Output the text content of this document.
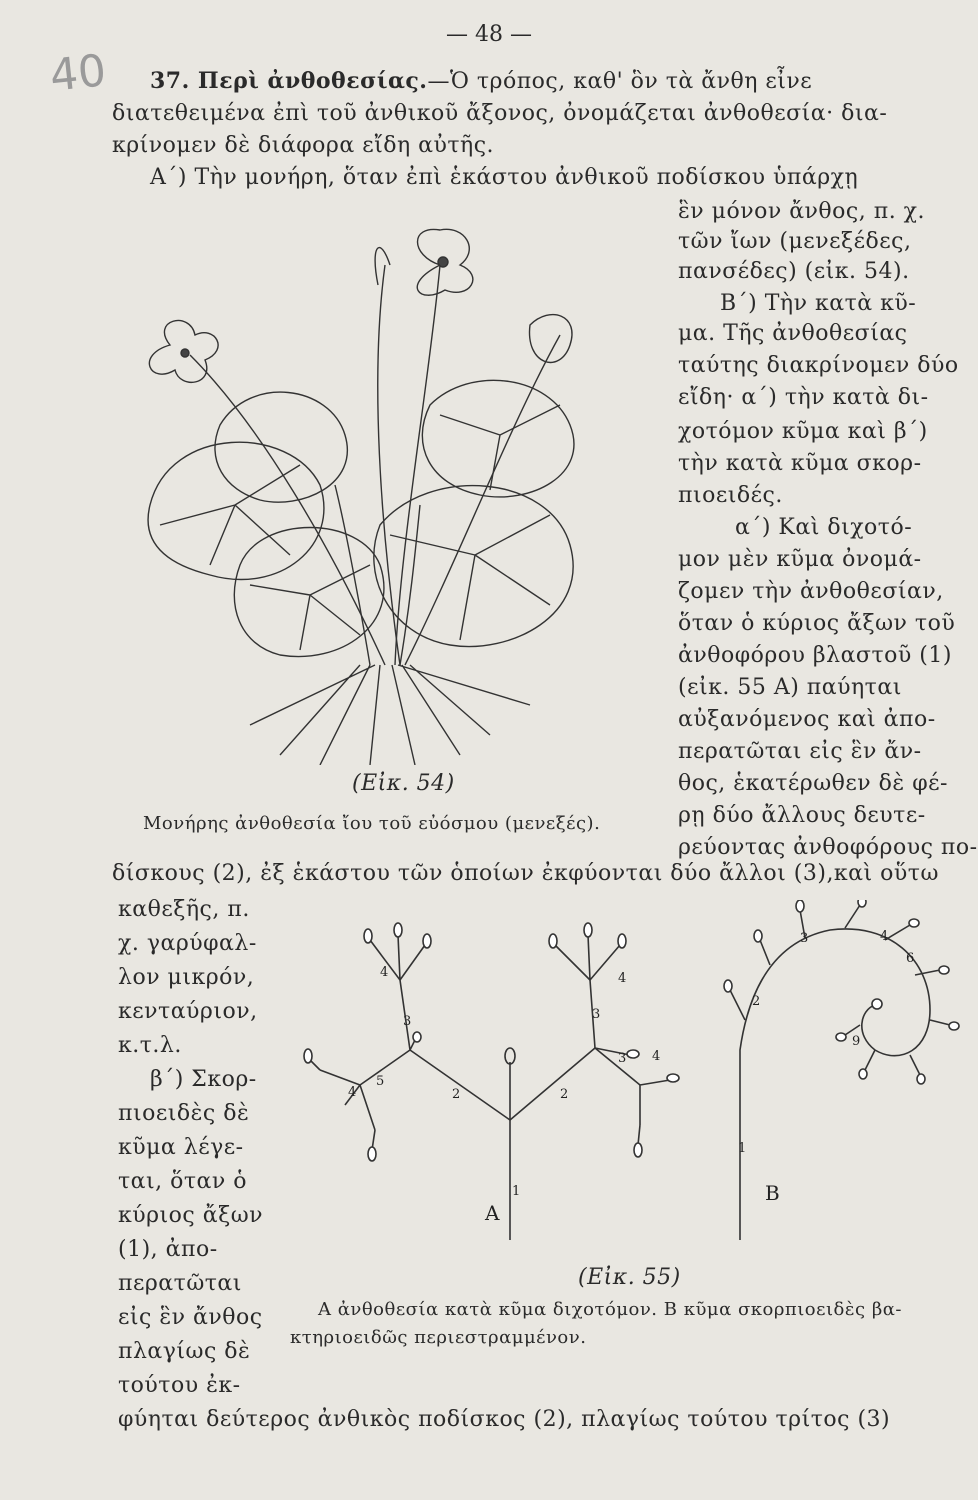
— 48 —
40 37. Περὶ ἀνθοθεσίας.—Ὁ τρόπος, καθ' ὃν τὰ ἄνθη εἶνε
διατεθειμένα ἐπὶ τοῦ ἀνθικοῦ ἄξονος, ὀνομάζεται ἀνθοθεσία· δια-
κρίνομεν δὲ διάφορα εἴδη αὐτῆς.
Α΄) Τὴν μονήρη, ὅταν ἐπὶ ἑκάστου ἀνθικοῦ ποδίσκου ὑπάρχῃ
ἓν μόνον ἄνθος, π. χ.
τῶν ἴων (μενεξέδες,
πανσέδες) (εἰκ. 54).
Β΄) Τὴν κατὰ κῦ-
μα. Τῆς ἀνθοθεσίας
ταύτης διακρίνομεν δύο
εἴδη· α΄) τὴν κατὰ δι-
χοτόμον κῦμα καὶ β΄)
τὴν κατὰ κῦμα σκορ-
πιοειδές.
α΄) Καὶ διχοτό-
μον μὲν κῦμα ὀνομά-
ζομεν τὴν ἀνθοθεσίαν,
ὅταν ὁ κύριος ἄξων τοῦ
ἀνθοφόρου βλαστοῦ (1)
(εἰκ. 55 Α) παύηται
αὐξανόμενος καὶ ἀπο-
περατῶται εἰς ἓν ἄν-
θος, ἑκατέρωθεν δὲ φέ-
ρῃ δύο ἄλλους δευτε-
ρεύοντας ἀνθοφόρους πο-
(Εἰκ. 54)
Μονήρης ἀνθοθεσία ἴου τοῦ εὐόσμου (μενεξές).
δίσκους (2), ἐξ ἑκάστου τῶν ὁποίων ἐκφύονται δύο ἄλλοι (3),καὶ οὕτω
καθεξῆς, π.
χ. γαρύφαλ-
λον μικρόν,
κενταύριον,
κ.τ.λ.
β΄) Σκορ-
πιοειδὲς δὲ
κῦμα λέγε-
ται, ὅταν ὁ
κύριος ἄξων
(1), ἀπο-
περατῶται
εἰς ἓν ἄνθος
πλαγίως δὲ
τούτου ἐκ-
1
2	2
3	3
3
5
4	4
4
4
1
2
3	4
6
9
A
B
(Εἰκ. 55)
Α ἀνθοθεσία κατὰ κῦμα διχοτόμον. Β κῦμα σκορπιοειδὲς βα-
κτηριοειδῶς περιεστραμμένον.
φύηται δεύτερος ἀνθικὸς ποδίσκος (2), πλαγίως τούτου τρίτος (3)
